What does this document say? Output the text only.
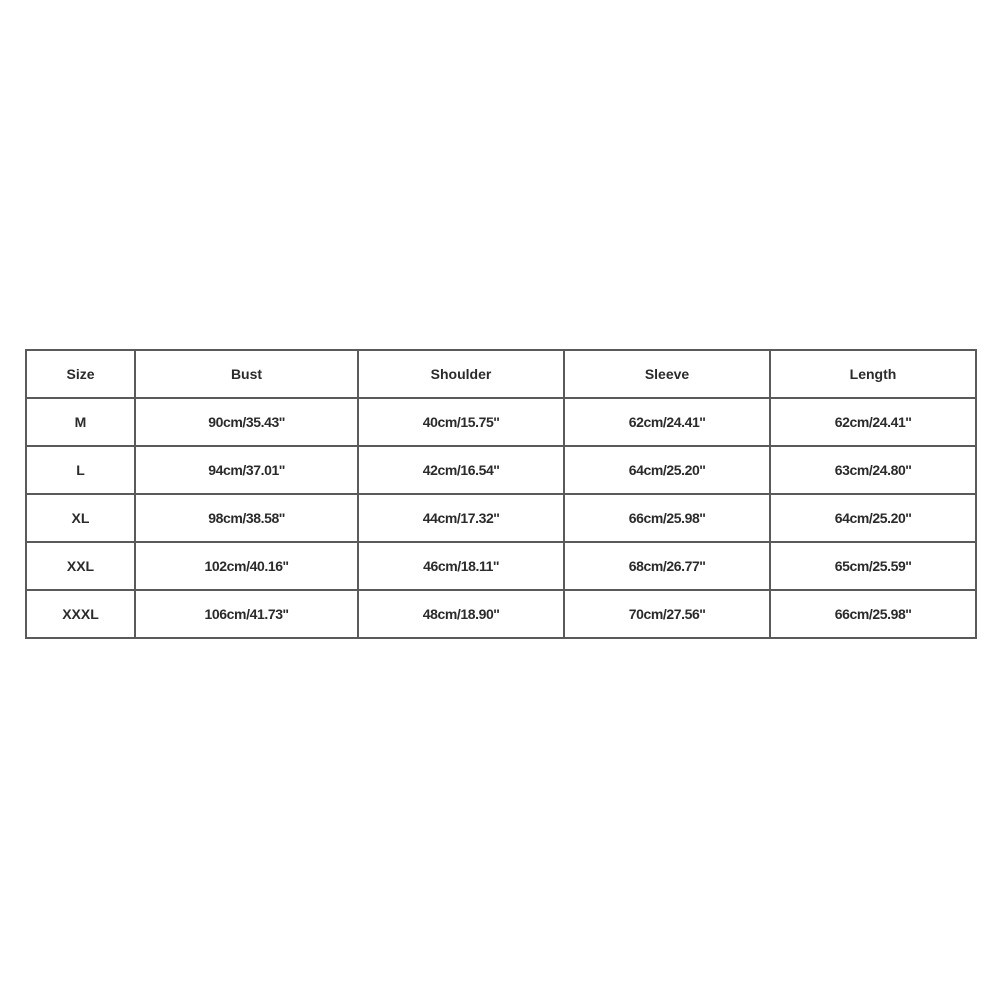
Size	Bust	Shoulder	Sleeve	Length
M	90cm/35.43''	40cm/15.75''	62cm/24.41''	62cm/24.41''
L	94cm/37.01''	42cm/16.54''	64cm/25.20''	63cm/24.80''
XL	98cm/38.58''	44cm/17.32''	66cm/25.98''	64cm/25.20''
XXL	102cm/40.16''	46cm/18.11''	68cm/26.77''	65cm/25.59''
XXXL	106cm/41.73''	48cm/18.90''	70cm/27.56''	66cm/25.98''
